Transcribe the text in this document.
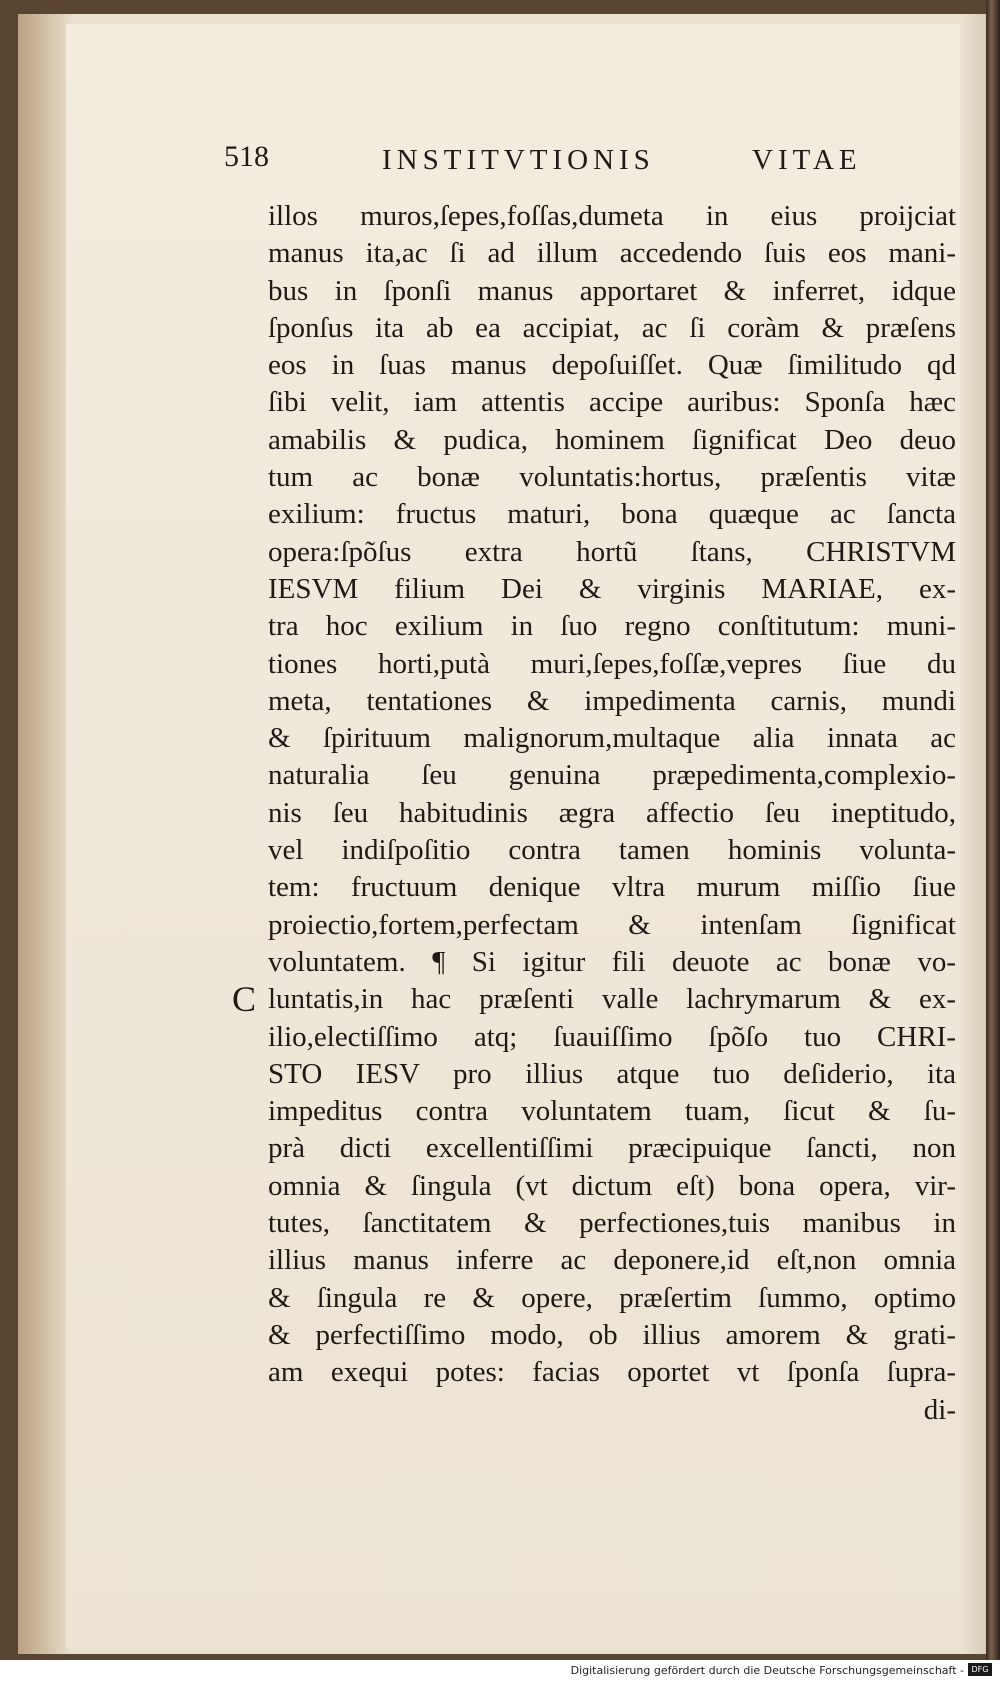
518	INSTITVTIONIS	VITAE
C
illos muros,ſepes,foſſas,dumeta in eius proijciat
manus ita,ac ſi ad illum accedendo ſuis eos mani-
bus in ſponſi manus apportaret & inferret, idque
ſponſus ita ab ea accipiat, ac ſi coràm & præſens
eos in ſuas manus depoſuiſſet. Quæ ſimilitudo qd
ſibi velit, iam attentis accipe auribus: Sponſa hæc
amabilis & pudica, hominem ſignificat Deo deuo
tum ac bonæ voluntatis:hortus, præſentis vitæ
exilium: fructus maturi, bona quæque ac ſancta
opera:ſpõſus extra hortũ ſtans, CHRISTVM
IESVM filium Dei & virginis MARIAE, ex-
tra hoc exilium in ſuo regno conſtitutum: muni-
tiones horti,putà muri,ſepes,foſſæ,vepres ſiue du
meta, tentationes & impedimenta carnis, mundi
& ſpirituum malignorum,multaque alia innata ac
naturalia ſeu genuina præpedimenta,complexio-
nis ſeu habitudinis ægra affectio ſeu ineptitudo,
vel indiſpoſitio contra tamen hominis volunta-
tem: fructuum denique vltra murum miſſio ſiue
proiectio,fortem,perfectam & intenſam ſignificat
voluntatem. ¶ Si igitur fili deuote ac bonæ vo-
luntatis,in hac præſenti valle lachrymarum & ex-
ilio,electiſſimo atq; ſuauiſſimo ſpõſo tuo CHRI-
STO IESV pro illius atque tuo deſiderio, ita
impeditus contra voluntatem tuam, ſicut & ſu-
prà dicti excellentiſſimi præcipuique ſancti, non
omnia & ſingula (vt dictum eſt) bona opera, vir-
tutes, ſanctitatem & perfectiones,tuis manibus in
illius manus inferre ac deponere,id eſt,non omnia
& ſingula re & opere, præſertim ſummo, optimo
& perfectiſſimo modo, ob illius amorem & grati-
am exequi potes: facias oportet vt ſponſa ſupra-
di-
Digitalisierung gefördert durch die Deutsche Forschungsgemeinschaft - DFG
